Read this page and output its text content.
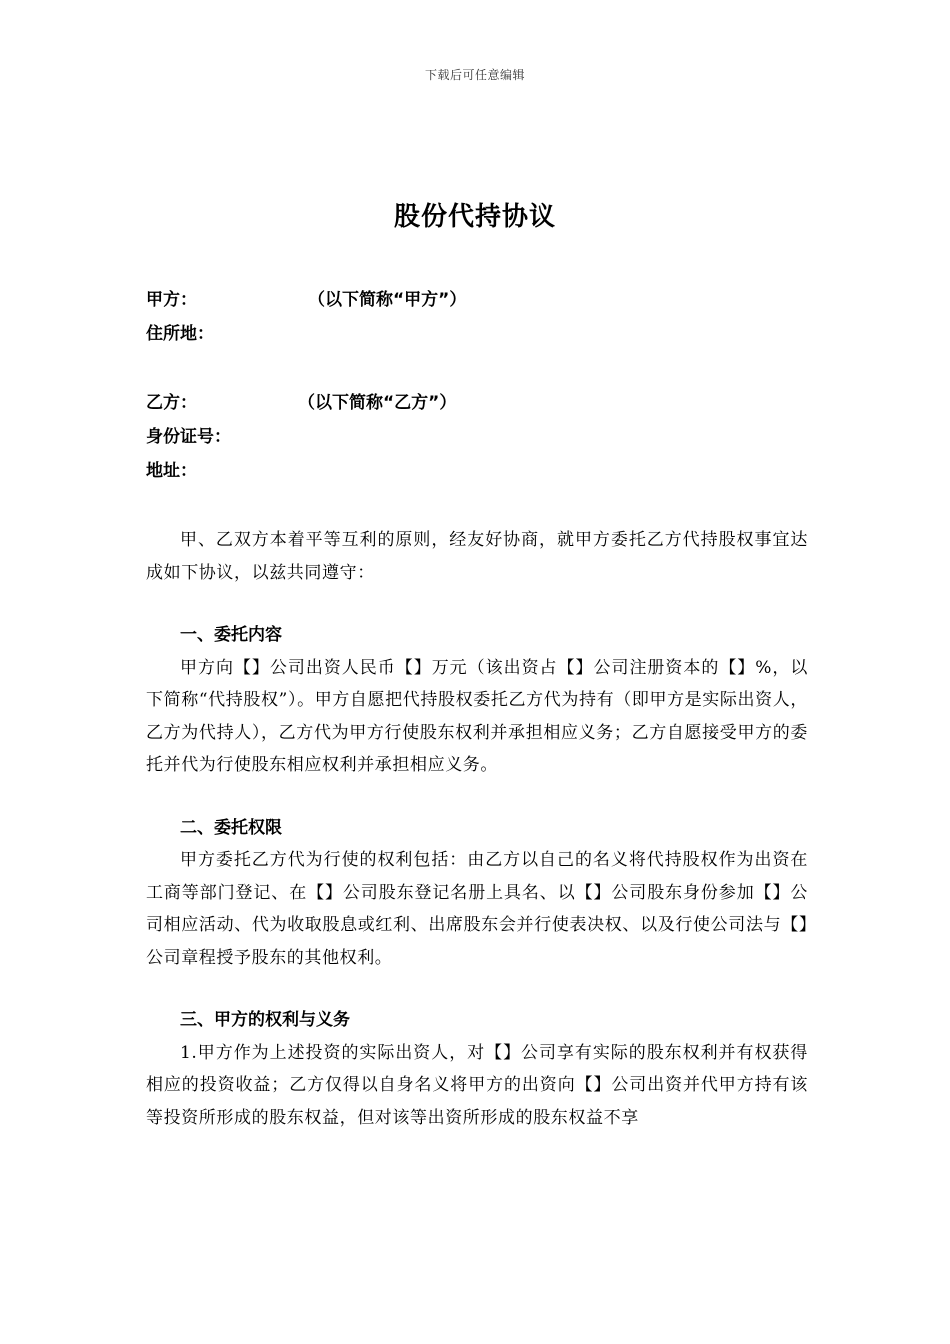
下载后可任意编辑
股份代持协议
甲方：	（以下简称“甲方”）
住所地：
乙方：	（以下简称“乙方”）
身份证号：
地址：

甲、乙双方本着平等互利的原则，经友好协商，就甲方委托乙方代持股权事宜达成如下协议，以兹共同遵守：

一、委托内容

甲方向【】公司出资人民币【】万元（该出资占【】公司注册资本的【】%，以下简称“代持股权”）。甲方自愿把代持股权委托乙方代为持有（即甲方是实际出资人，乙方为代持人），乙方代为甲方行使股东权利并承担相应义务；乙方自愿接受甲方的委托并代为行使股东相应权利并承担相应义务。

二、委托权限

甲方委托乙方代为行使的权利包括：由乙方以自己的名义将代持股权作为出资在工商等部门登记、在【】公司股东登记名册上具名、以【】公司股东身份参加【】公司相应活动、代为收取股息或红利、出席股东会并行使表决权、以及行使公司法与【】公司章程授予股东的其他权利。

三、甲方的权利与义务

1.甲方作为上述投资的实际出资人，对【】公司享有实际的股东权利并有权获得相应的投资收益；乙方仅得以自身名义将甲方的出资向【】公司出资并代甲方持有该等投资所形成的股东权益，但对该等出资所形成的股东权益不享
